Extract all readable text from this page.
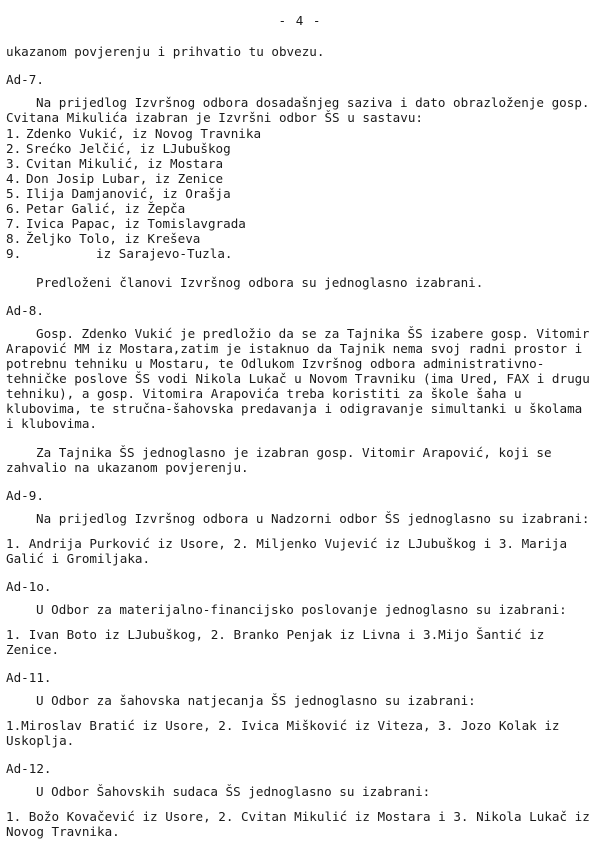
- 4 -

ukazanom povjerenju i prihvatio tu obvezu.

Ad-7.

Na prijedlog Izvršnog odbora dosadašnjeg saziva i dato obrazloženje gosp. Cvitana Mikulića izabran je Izvršni odbor ŠS u sastavu:

1. Zdenko Vukić, iz Novog Travnika
2. Srećko Jelčić, iz LJubuškog
3. Cvitan Mikulić, iz Mostara
4. Don Josip Lubar, iz Zenice
5. Ilija Damjanović, iz Orašja
6. Petar Galić, iz Žepča
7. Ivica Papac, iz Tomislavgrada
8. Željko Tolo, iz Kreševa
9.	iz Sarajevo-Tuzla.

Predloženi članovi Izvršnog odbora su jednoglasno izabrani.

Ad-8.

Gosp. Zdenko Vukić je predložio da se za Tajnika ŠS izabere gosp. Vitomir Arapović MM iz Mostara,zatim je istaknuo da Tajnik nema svoj radni prostor i potrebnu tehniku u Mostaru, te Odlukom Izvršnog odbora administrativno-tehničke poslove ŠS vodi Nikola Lukač u Novom Travniku (ima Ured, FAX i drugu tehniku), a gosp. Vitomira Arapovića treba koristiti za škole šaha u klubovima, te stručna-šahovska predavanja i odigravanje simultanki u školama i klubovima.

Za Tajnika ŠS jednoglasno je izabran gosp. Vitomir Arapović, koji se zahvalio na ukazanom povjerenju.

Ad-9.

Na prijedlog Izvršnog odbora u Nadzorni odbor ŠS jednoglasno su izabrani:

1. Andrija Purković iz Usore, 2. Miljenko Vujević iz LJubuškog i 3. Marija Galić i Gromiljaka.

Ad-1o.

U Odbor za materijalno-financijsko poslovanje jednoglasno su izabrani:

1. Ivan Boto iz LJubuškog, 2. Branko Penjak iz Livna i 3.Mijo Šantić iz Zenice.

Ad-11.

U Odbor za šahovska natjecanja ŠS jednoglasno su izabrani:

1.Miroslav Bratić iz Usore, 2. Ivica Mišković iz Viteza, 3. Jozo Kolak iz Uskoplja.

Ad-12.

U Odbor Šahovskih sudaca ŠS jednoglasno su izabrani:

1. Božo Kovačević iz Usore, 2. Cvitan Mikulić iz Mostara i 3. Nikola Lukač iz Novog Travnika.
